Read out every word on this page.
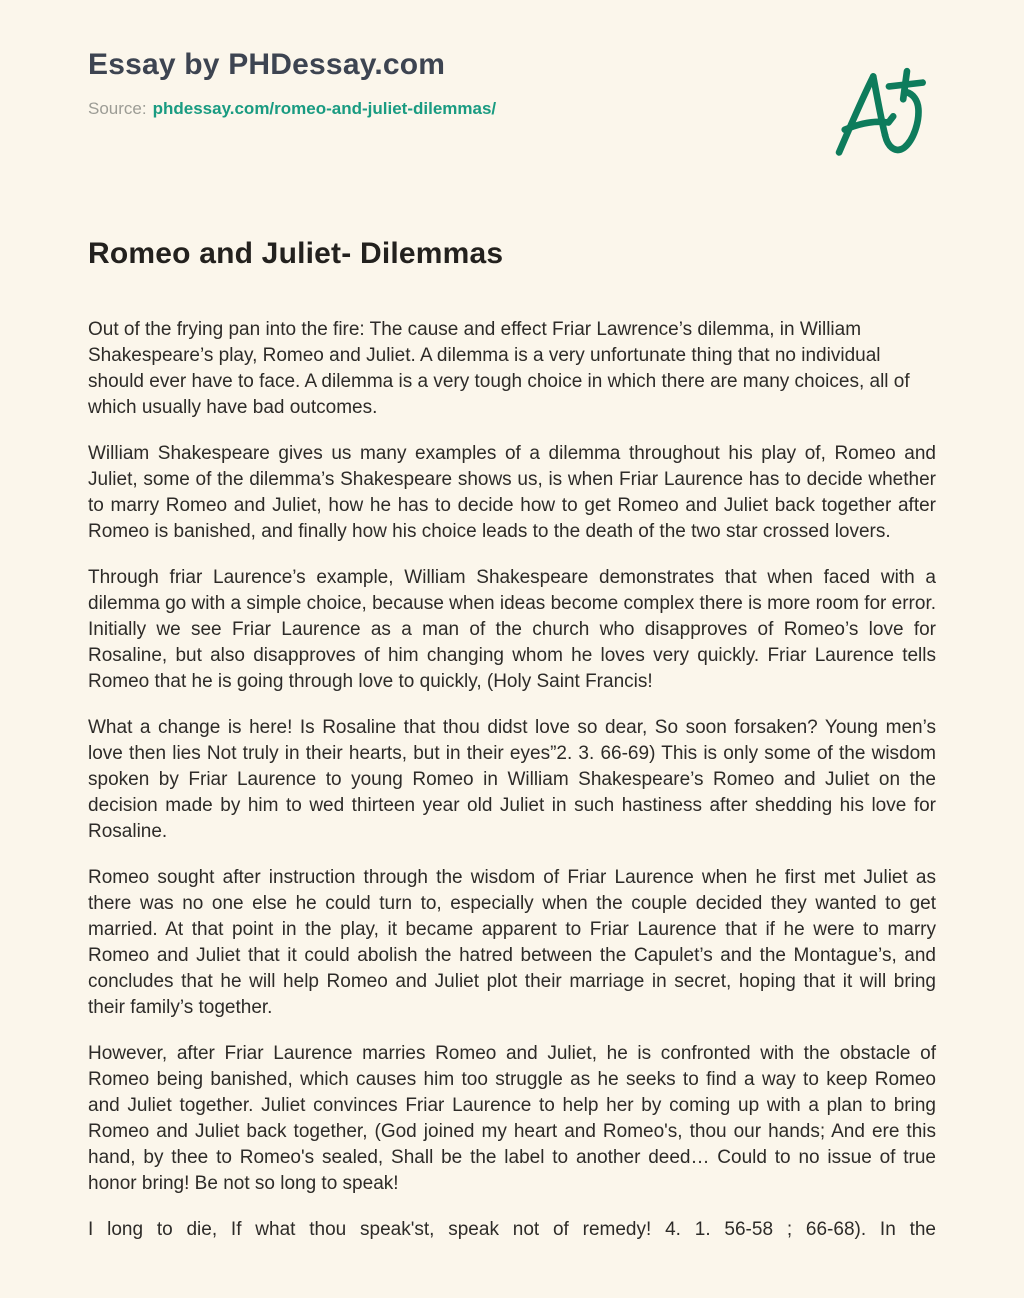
Essay by PHDessay.com
Source: phdessay.com/romeo-and-juliet-dilemmas/
Romeo and Juliet- Dilemmas

Out of the frying pan into the fire: The cause and effect Friar Lawrence’s dilemma, in William Shakespeare’s play, Romeo and Juliet. A dilemma is a very unfortunate thing that no individual should ever have to face. A dilemma is a very tough choice in which there are many choices, all of which usually have bad outcomes.

William Shakespeare gives us many examples of a dilemma throughout his play of, Romeo and Juliet, some of the dilemma’s Shakespeare shows us, is when Friar Laurence has to decide whether to marry Romeo and Juliet, how he has to decide how to get Romeo and Juliet back together after Romeo is banished, and finally how his choice leads to the death of the two star crossed lovers.

Through friar Laurence’s example, William Shakespeare demonstrates that when faced with a dilemma go with a simple choice, because when ideas become complex there is more room for error. Initially we see Friar Laurence as a man of the church who disapproves of Romeo’s love for Rosaline, but also disapproves of him changing whom he loves very quickly. Friar Laurence tells Romeo that he is going through love to quickly, (Holy Saint Francis!

What a change is here! Is Rosaline that thou didst love so dear, So soon forsaken? Young men’s love then lies Not truly in their hearts, but in their eyes”2. 3. 66-69) This is only some of the wisdom spoken by Friar Laurence to young Romeo in William Shakespeare’s Romeo and Juliet on the decision made by him to wed thirteen year old Juliet in such hastiness after shedding his love for Rosaline.

Romeo sought after instruction through the wisdom of Friar Laurence when he first met Juliet as there was no one else he could turn to, especially when the couple decided they wanted to get married. At that point in the play, it became apparent to Friar Laurence that if he were to marry Romeo and Juliet that it could abolish the hatred between the Capulet’s and the Montague’s, and concludes that he will help Romeo and Juliet plot their marriage in secret, hoping that it will bring their family’s together.

However, after Friar Laurence marries Romeo and Juliet, he is confronted with the obstacle of Romeo being banished, which causes him too struggle as he seeks to find a way to keep Romeo and Juliet together. Juliet convinces Friar Laurence to help her by coming up with a plan to bring Romeo and Juliet back together, (God joined my heart and Romeo's, thou our hands; And ere this hand, by thee to Romeo's sealed, Shall be the label to another deed… Could to no issue of true honor bring! Be not so long to speak!

I long to die, If what thou speak'st, speak not of remedy! 4. 1. 56-58 ; 66-68). In the
